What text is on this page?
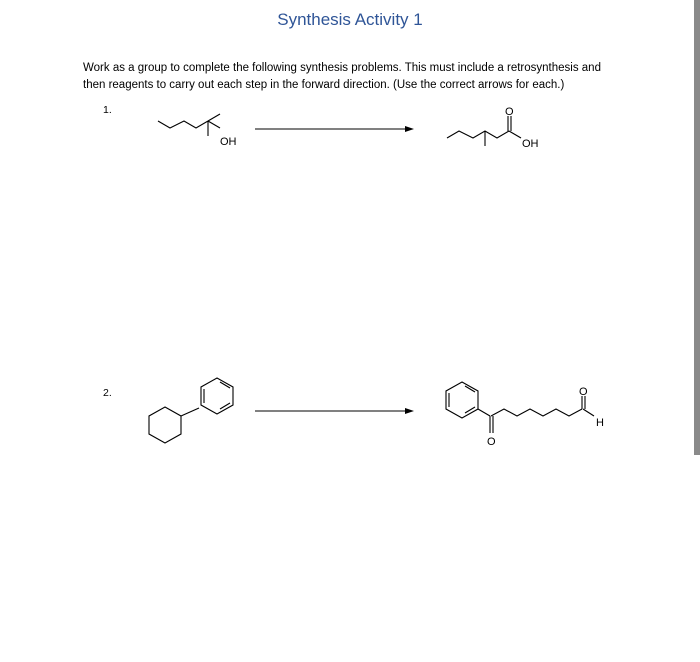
Synthesis Activity 1
Work as a group to complete the following synthesis problems. This must include a retrosynthesis and
then reagents to carry out each step in the forward direction. (Use the correct arrows for each.)
1.
2.
OH
O
OH
O
O
H
